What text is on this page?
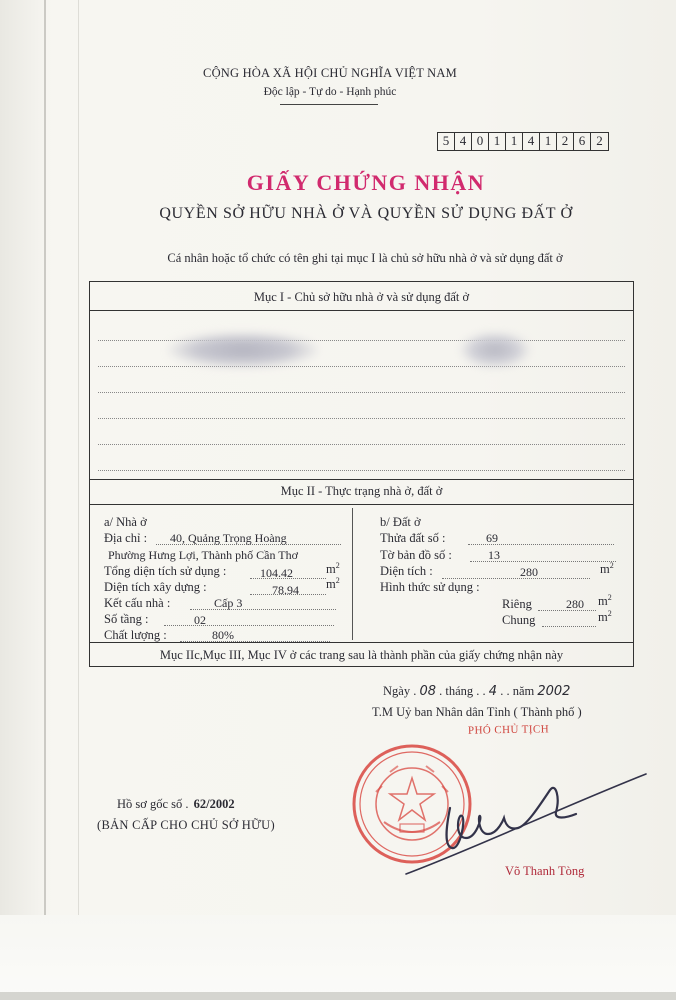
CỘNG HÒA XÃ HỘI CHỦ NGHĨA VIỆT NAM
Độc lập - Tự do - Hạnh phúc
5 4 0 1 1 4 1 2 6 2
GIẤY CHỨNG NHẬN
QUYỀN SỞ HỮU NHÀ Ở VÀ QUYỀN SỬ DỤNG ĐẤT Ở
Cá nhân hoặc tổ chức có tên ghi tại mục I là chủ sở hữu nhà ở và sử dụng đất ở
Mục I - Chủ sở hữu nhà ở và sử dụng đất ở
Mục II - Thực trạng nhà ở, đất ở
a/ Nhà ở
Địa chỉ : 40, Quảng Trọng Hoàng
Phường Hưng Lợi, Thành phố Cần Thơ
Tổng diện tích sử dụng :	104.42	$m^2$
Diện tích xây dựng :	78.94 $m^2$
Kết cấu nhà :	Cấp 3
Số tầng :	02
Chất lượng :	80%
b/ Đất ở
Thửa đất số :	69
Tờ bản đồ số :	13
Diện tích :	280	$m^2$
Hình thức sử dụng :
Riêng	280 $m^2$
Chung	$m^2$
Mục IIc,Mục III, Mục IV ở các trang sau là thành phần của giấy chứng nhận này
Ngày . 08 . tháng . . 4 . . năm 2002
T.M Uỷ ban Nhân dân Tỉnh ( Thành phố )
PHÓ CHỦ TỊCH
Võ Thanh Tòng
Hồ sơ gốc số . 62/2002
(BẢN CẤP CHO CHỦ SỞ HỮU)
